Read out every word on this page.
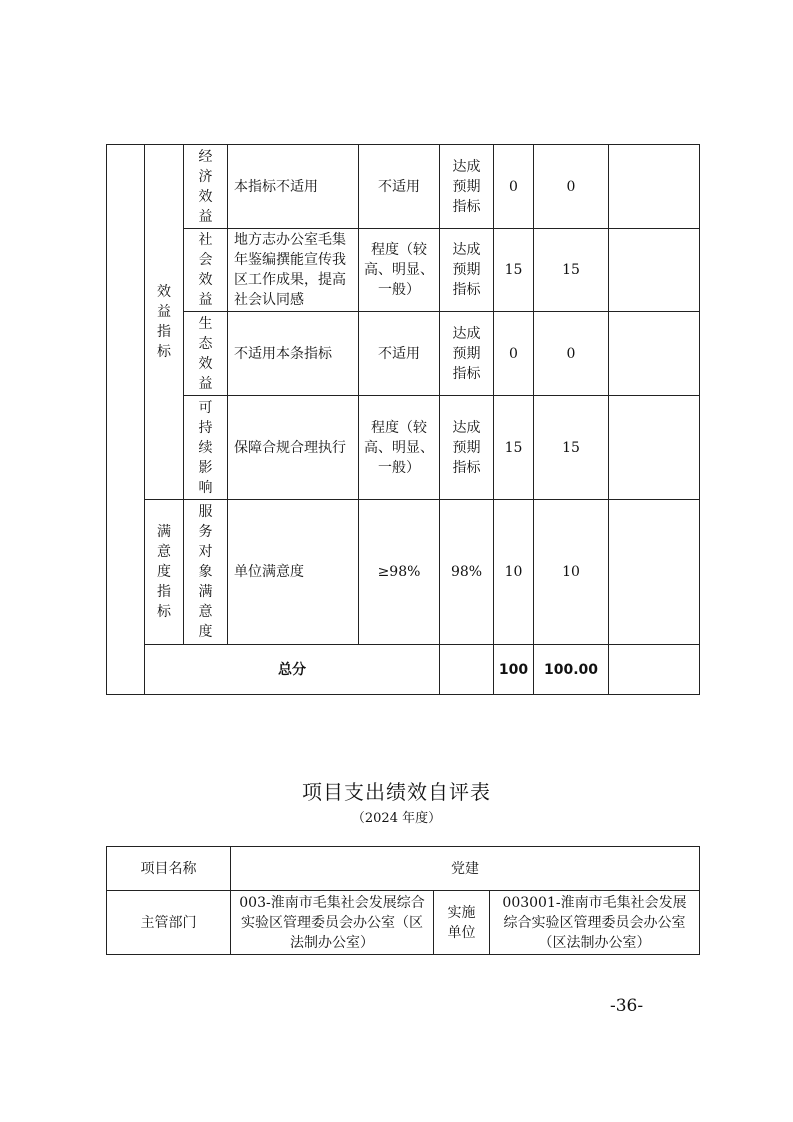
	效益指标	经济效益	本指标不适用	不适用	达成预期指标	0	0	

		社会效益	地方志办公室毛集年鉴编撰能宣传我区工作成果，提高社会认同感	程度（较高、明显、一般）	达成预期指标	15	15	

		生态效益	不适用本条指标	不适用	达成预期指标	0	0	

		可持续影响	保障合规合理执行	程度（较高、明显、一般）	达成预期指标	15	15	

	满意度指标	服务对象满意度	单位满意度	≥98%	98%	10	10	
	总分					100	100.00	
项目支出绩效自评表
（2024 年度）
项目名称	党建		
主管部门	003-淮南市毛集社会发展综合实验区管理委员会办公室（区法制办公室）	实施单位	003001-淮南市毛集社会发展综合实验区管理委员会办公室（区法制办公室）
-36-
